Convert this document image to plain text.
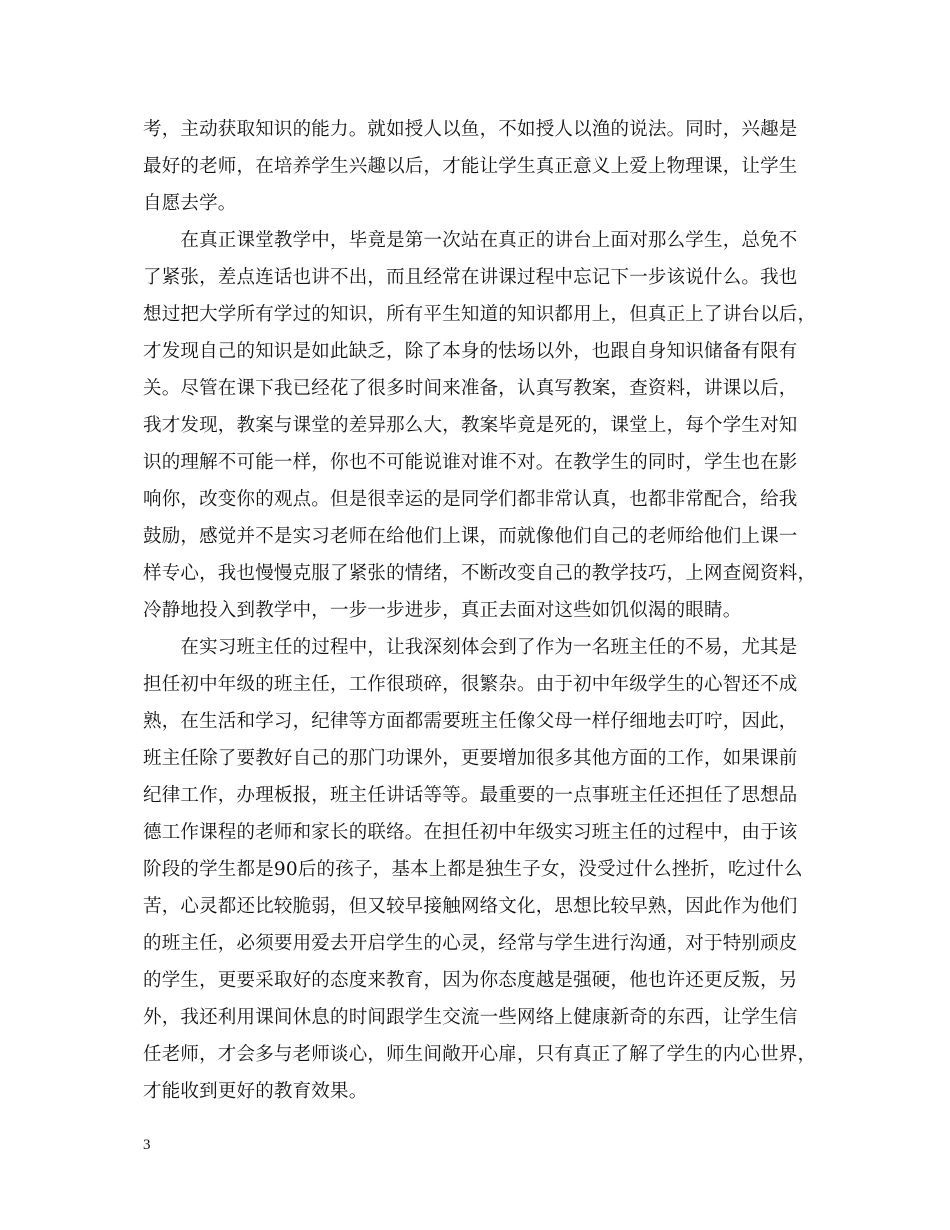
考，主动获取知识的能力。就如授人以鱼，不如授人以渔的说法。同时，兴趣是
最好的老师，在培养学生兴趣以后，才能让学生真正意义上爱上物理课，让学生
自愿去学。
　　在真正课堂教学中，毕竟是第一次站在真正的讲台上面对那么学生，总免不
了紧张，差点连话也讲不出，而且经常在讲课过程中忘记下一步该说什么。我也
想过把大学所有学过的知识，所有平生知道的知识都用上，但真正上了讲台以后，
才发现自己的知识是如此缺乏，除了本身的怯场以外，也跟自身知识储备有限有
关。尽管在课下我已经花了很多时间来准备，认真写教案，查资料，讲课以后，
我才发现，教案与课堂的差异那么大，教案毕竟是死的，课堂上，每个学生对知
识的理解不可能一样，你也不可能说谁对谁不对。在教学生的同时，学生也在影
响你，改变你的观点。但是很幸运的是同学们都非常认真，也都非常配合，给我
鼓励，感觉并不是实习老师在给他们上课，而就像他们自己的老师给他们上课一
样专心，我也慢慢克服了紧张的情绪，不断改变自己的教学技巧，上网查阅资料，
冷静地投入到教学中，一步一步进步，真正去面对这些如饥似渴的眼睛。
　　在实习班主任的过程中，让我深刻体会到了作为一名班主任的不易，尤其是
担任初中年级的班主任，工作很琐碎，很繁杂。由于初中年级学生的心智还不成
熟，在生活和学习，纪律等方面都需要班主任像父母一样仔细地去叮咛，因此，
班主任除了要教好自己的那门功课外，更要增加很多其他方面的工作，如果课前
纪律工作，办理板报，班主任讲话等等。最重要的一点事班主任还担任了思想品
德工作课程的老师和家长的联络。在担任初中年级实习班主任的过程中，由于该
阶段的学生都是90后的孩子，基本上都是独生子女，没受过什么挫折，吃过什么
苦，心灵都还比较脆弱，但又较早接触网络文化，思想比较早熟，因此作为他们
的班主任，必须要用爱去开启学生的心灵，经常与学生进行沟通，对于特别顽皮
的学生，更要采取好的态度来教育，因为你态度越是强硬，他也许还更反叛，另
外，我还利用课间休息的时间跟学生交流一些网络上健康新奇的东西，让学生信
任老师，才会多与老师谈心，师生间敞开心扉，只有真正了解了学生的内心世界，
才能收到更好的教育效果。
3
